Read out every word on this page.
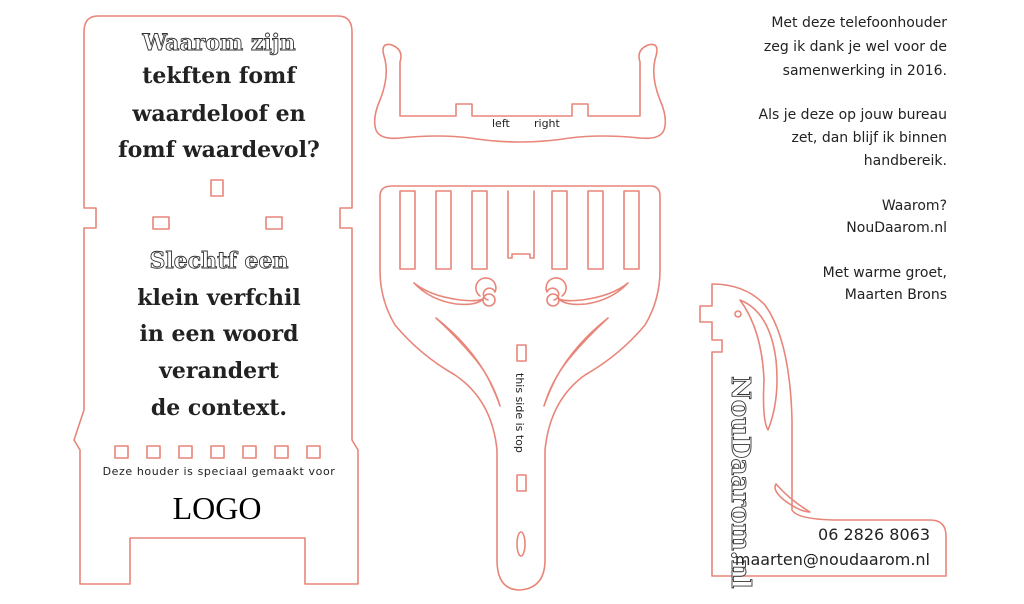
Waarom zijn
tekften fomf
waardeloof en
fomf waardevol?
Slechtf een
klein verfchil
in een woord
verandert
de context.
Deze houder is speciaal gemaakt voor
LOGO
left right
this side is top
Met deze telefoonhouder
zeg ik dank je wel voor de
samenwerking in 2016.
Als je deze op jouw bureau
zet, dan blijf ik binnen
handbereik.
Waarom?
NouDaarom.nl
Met warme groet,
Maarten Brons
NouDaarom.nl	06 2826 8063
maarten@noudaarom.nl
